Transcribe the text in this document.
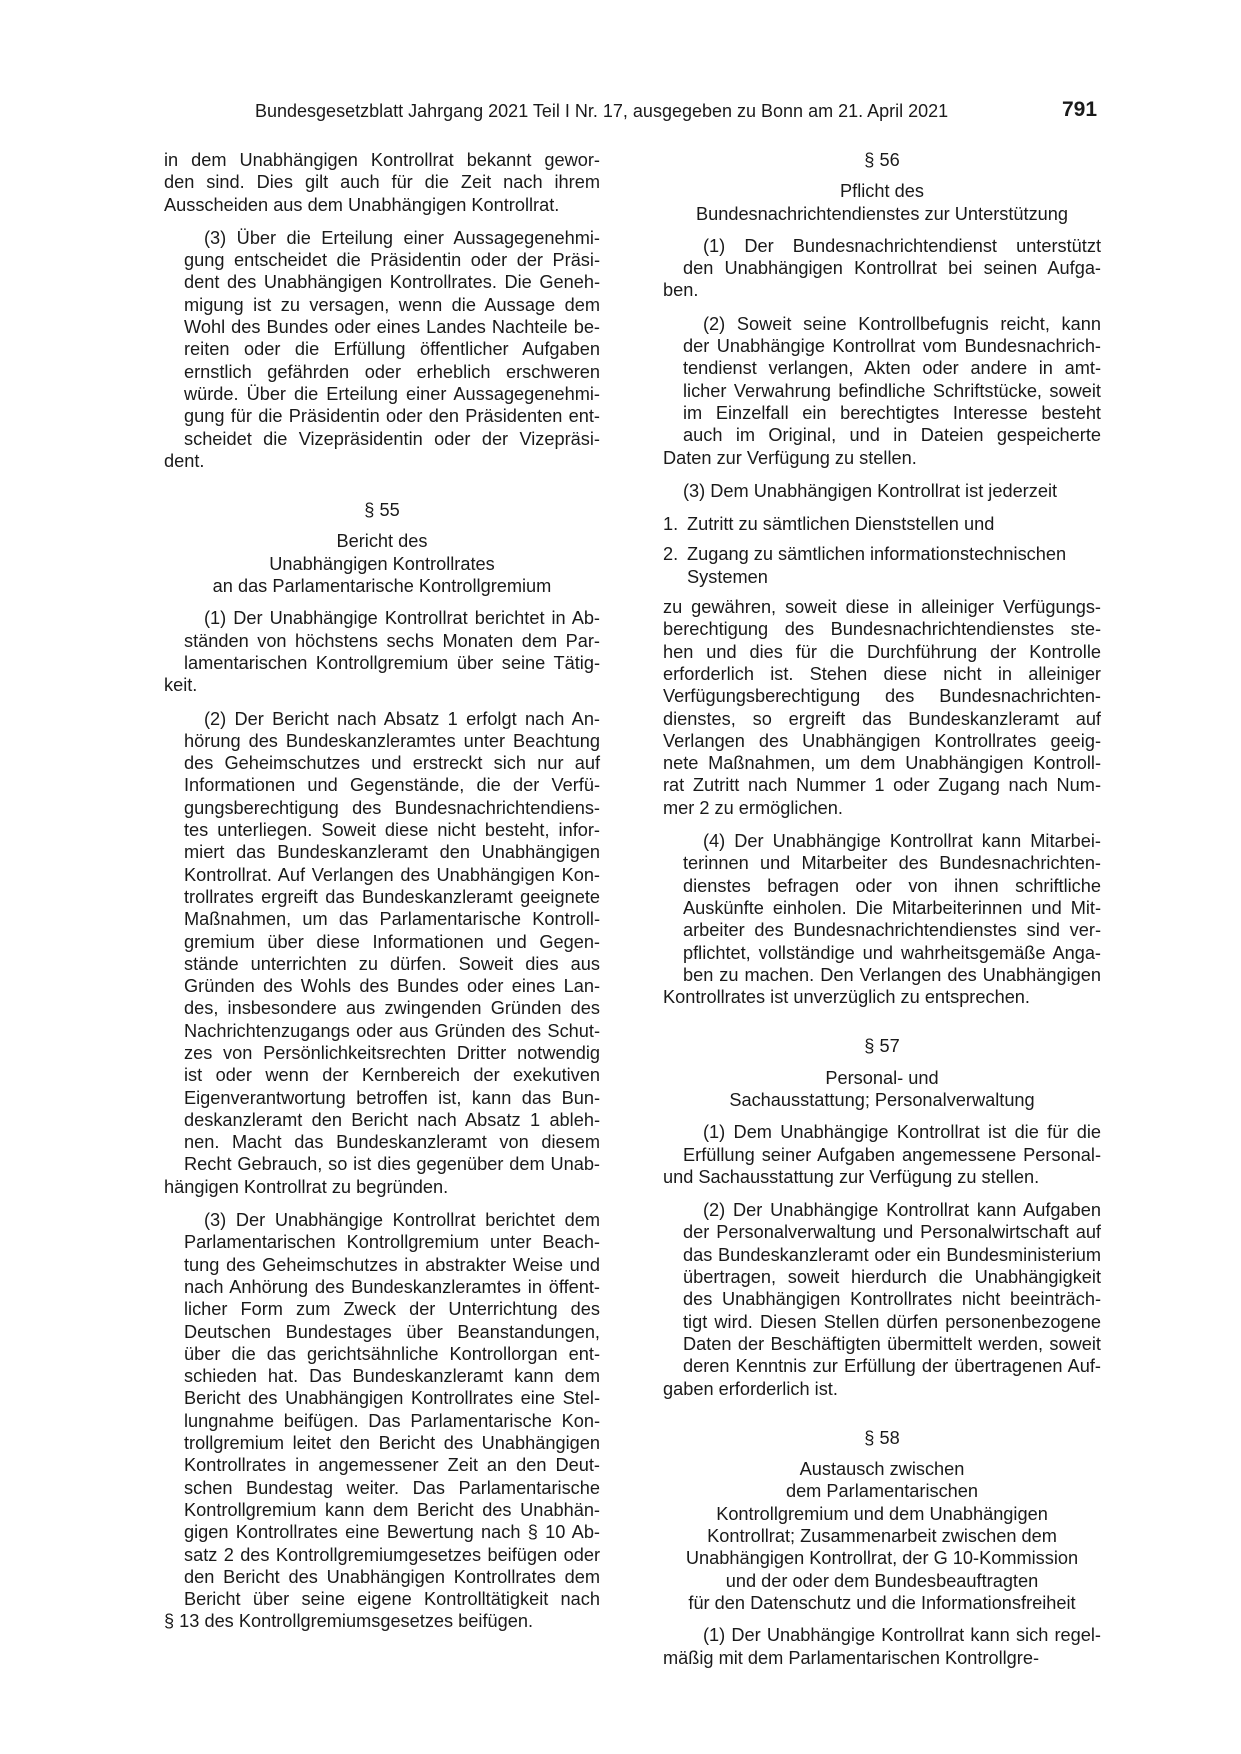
Bundesgesetzblatt Jahrgang 2021 Teil I Nr. 17, ausgegeben zu Bonn am 21. April 2021	791

in dem Unabhängigen Kontrollrat bekannt gewor-
den sind. Dies gilt auch für die Zeit nach ihrem
Ausscheiden aus dem Unabhängigen Kontrollrat.

(3) Über die Erteilung einer Aussagegenehmi-
gung entscheidet die Präsidentin oder der Präsi-
dent des Unabhängigen Kontrollrates. Die Geneh-
migung ist zu versagen, wenn die Aussage dem
Wohl des Bundes oder eines Landes Nachteile be-
reiten oder die Erfüllung öffentlicher Aufgaben
ernstlich gefährden oder erheblich erschweren
würde. Über die Erteilung einer Aussagegenehmi-
gung für die Präsidentin oder den Präsidenten ent-
scheidet die Vizepräsidentin oder der Vizepräsi-
dent.

§ 55
Bericht des
Unabhängigen Kontrollrates
an das Parlamentarische Kontrollgremium

(1) Der Unabhängige Kontrollrat berichtet in Ab-
ständen von höchstens sechs Monaten dem Par-
lamentarischen Kontrollgremium über seine Tätig-
keit.

(2) Der Bericht nach Absatz 1 erfolgt nach An-
hörung des Bundeskanzleramtes unter Beachtung
des Geheimschutzes und erstreckt sich nur auf
Informationen und Gegenstände, die der Verfü-
gungsberechtigung des Bundesnachrichtendiens-
tes unterliegen. Soweit diese nicht besteht, infor-
miert das Bundeskanzleramt den Unabhängigen
Kontrollrat. Auf Verlangen des Unabhängigen Kon-
trollrates ergreift das Bundeskanzleramt geeignete
Maßnahmen, um das Parlamentarische Kontroll-
gremium über diese Informationen und Gegen-
stände unterrichten zu dürfen. Soweit dies aus
Gründen des Wohls des Bundes oder eines Lan-
des, insbesondere aus zwingenden Gründen des
Nachrichtenzugangs oder aus Gründen des Schut-
zes von Persönlichkeitsrechten Dritter notwendig
ist oder wenn der Kernbereich der exekutiven
Eigenverantwortung betroffen ist, kann das Bun-
deskanzleramt den Bericht nach Absatz 1 ableh-
nen. Macht das Bundeskanzleramt von diesem
Recht Gebrauch, so ist dies gegenüber dem Unab-
hängigen Kontrollrat zu begründen.

(3) Der Unabhängige Kontrollrat berichtet dem
Parlamentarischen Kontrollgremium unter Beach-
tung des Geheimschutzes in abstrakter Weise und
nach Anhörung des Bundeskanzleramtes in öffent-
licher Form zum Zweck der Unterrichtung des
Deutschen Bundestages über Beanstandungen,
über die das gerichtsähnliche Kontrollorgan ent-
schieden hat. Das Bundeskanzleramt kann dem
Bericht des Unabhängigen Kontrollrates eine Stel-
lungnahme beifügen. Das Parlamentarische Kon-
trollgremium leitet den Bericht des Unabhängigen
Kontrollrates in angemessener Zeit an den Deut-
schen Bundestag weiter. Das Parlamentarische
Kontrollgremium kann dem Bericht des Unabhän-
gigen Kontrollrates eine Bewertung nach § 10 Ab-
satz 2 des Kontrollgremiumgesetzes beifügen oder
den Bericht des Unabhängigen Kontrollrates dem
Bericht über seine eigene Kontrolltätigkeit nach
§ 13 des Kontrollgremiumsgesetzes beifügen.

§ 56
Pflicht des
Bundesnachrichtendienstes zur Unterstützung

(1) Der Bundesnachrichtendienst unterstützt
den Unabhängigen Kontrollrat bei seinen Aufga-
ben.

(2) Soweit seine Kontrollbefugnis reicht, kann
der Unabhängige Kontrollrat vom Bundesnachrich-
tendienst verlangen, Akten oder andere in amt-
licher Verwahrung befindliche Schriftstücke, soweit
im Einzelfall ein berechtigtes Interesse besteht
auch im Original, und in Dateien gespeicherte
Daten zur Verfügung zu stellen.

(3) Dem Unabhängigen Kontrollrat ist jederzeit

1. Zutritt zu sämtlichen Dienststellen und
2. Zugang zu sämtlichen informationstechnischen
Systemen

zu gewähren, soweit diese in alleiniger Verfügungs-
berechtigung des Bundesnachrichtendienstes ste-
hen und dies für die Durchführung der Kontrolle
erforderlich ist. Stehen diese nicht in alleiniger
Verfügungsberechtigung des Bundesnachrichten-
dienstes, so ergreift das Bundeskanzleramt auf
Verlangen des Unabhängigen Kontrollrates geeig-
nete Maßnahmen, um dem Unabhängigen Kontroll-
rat Zutritt nach Nummer 1 oder Zugang nach Num-
mer 2 zu ermöglichen.

(4) Der Unabhängige Kontrollrat kann Mitarbei-
terinnen und Mitarbeiter des Bundesnachrichten-
dienstes befragen oder von ihnen schriftliche
Auskünfte einholen. Die Mitarbeiterinnen und Mit-
arbeiter des Bundesnachrichtendienstes sind ver-
pflichtet, vollständige und wahrheitsgemäße Anga-
ben zu machen. Den Verlangen des Unabhängigen
Kontrollrates ist unverzüglich zu entsprechen.

§ 57
Personal- und
Sachausstattung; Personalverwaltung

(1) Dem Unabhängige Kontrollrat ist die für die
Erfüllung seiner Aufgaben angemessene Personal-
und Sachausstattung zur Verfügung zu stellen.

(2) Der Unabhängige Kontrollrat kann Aufgaben
der Personalverwaltung und Personalwirtschaft auf
das Bundeskanzleramt oder ein Bundesministerium
übertragen, soweit hierdurch die Unabhängigkeit
des Unabhängigen Kontrollrates nicht beeinträch-
tigt wird. Diesen Stellen dürfen personenbezogene
Daten der Beschäftigten übermittelt werden, soweit
deren Kenntnis zur Erfüllung der übertragenen Auf-
gaben erforderlich ist.

§ 58
Austausch zwischen
dem Parlamentarischen
Kontrollgremium und dem Unabhängigen
Kontrollrat; Zusammenarbeit zwischen dem
Unabhängigen Kontrollrat, der G 10-Kommission
und der oder dem Bundesbeauftragten
für den Datenschutz und die Informationsfreiheit

(1) Der Unabhängige Kontrollrat kann sich regel-
mäßig mit dem Parlamentarischen Kontrollgre-
